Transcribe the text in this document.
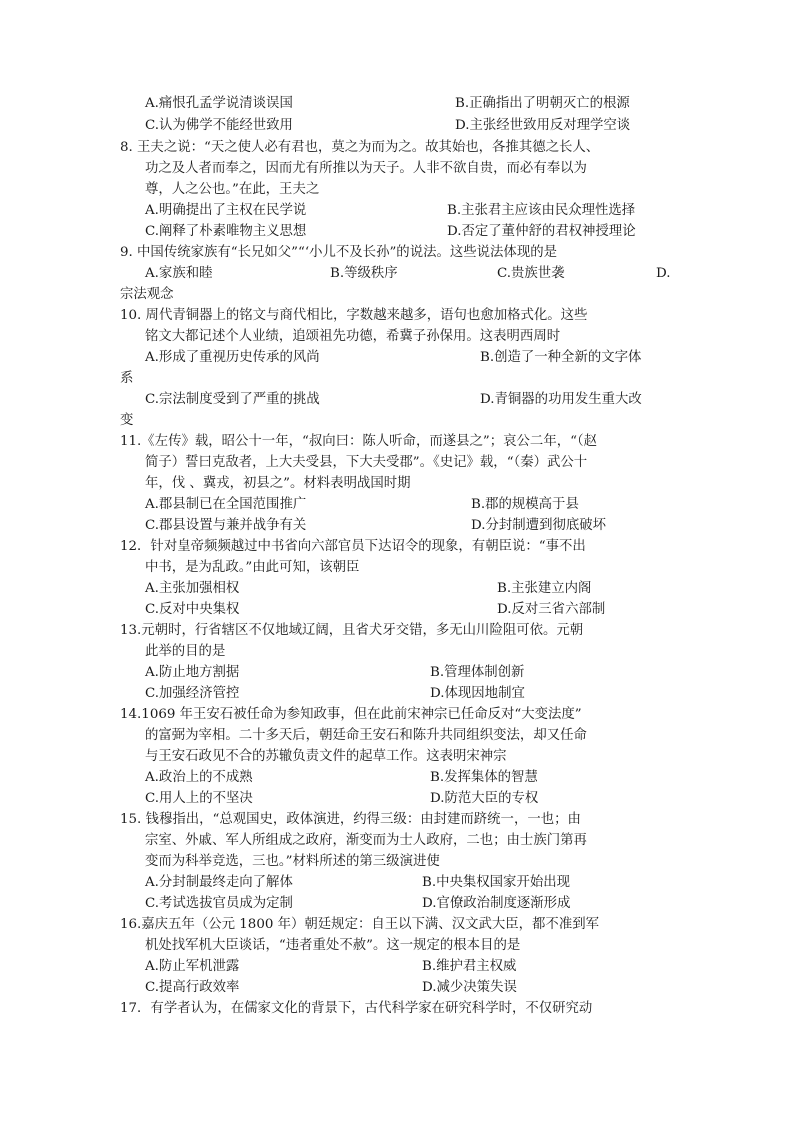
A.痛恨孔孟学说清谈误国	B.正确指出了明朝灭亡的根源
C.认为佛学不能经世致用	D.主张经世致用反对理学空谈
8. 王夫之说：“天之使人必有君也，莫之为而为之。故其始也，各推其德之长人、
功之及人者而奉之，因而尤有所推以为天子。人非不欲自贵，而必有奉以为
尊，人之公也。”在此，王夫之
A.明确提出了主权在民学说	B.主张君主应该由民众理性选择
C.阐释了朴素唯物主义思想	D.否定了董仲舒的君权神授理论
9. 中国传统家族有“长兄如父”“‘小儿不及长孙”的说法。这些说法体现的是
A.家族和睦	B.等级秩序	C.贵族世袭	D.
宗法观念
10. 周代青铜器上的铭文与商代相比，字数越来越多，语句也愈加格式化。这些
铭文大都记述个人业绩，追颂祖先功德，希冀子孙保用。这表明西周时
A.形成了重视历史传承的风尚	B.创造了一种全新的文字体
系
C.宗法制度受到了严重的挑战	D.青铜器的功用发生重大改
变
11.《左传》载，昭公十一年，“叔向曰：陈人听命，而遂县之”；哀公二年，“（赵
简子）誓曰克敌者，上大夫受县，下大夫受郡”。《史记》载，“（秦）武公十
年，伐 、冀戎，初县之”。材料表明战国时期
A.郡县制已在全国范围推广	B.郡的规模高于县
C.郡县设置与兼并战争有关	D.分封制遭到彻底破坏
12．针对皇帝频频越过中书省向六部官员下达诏令的现象，有朝臣说：“事不出
中书，是为乱政。”由此可知，该朝臣
A.主张加强相权	B.主张建立内阁
C.反对中央集权	D.反对三省六部制
13.元朝时，行省辖区不仅地域辽阔，且省犬牙交错，多无山川险阻可依。元朝
此举的目的是
A.防止地方割据	B.管理体制创新
C.加强经济管控	D.体现因地制宜
14.1069 年王安石被任命为参知政事，但在此前宋神宗已任命反对“大变法度”
的富弼为宰相。二十多天后，朝廷命王安石和陈升共同组织变法，却又任命
与王安石政见不合的苏辙负责文件的起草工作。这表明宋神宗
A.政治上的不成熟	B.发挥集体的智慧
C.用人上的不坚决	D.防范大臣的专权
15. 钱穆指出，“总观国史，政体演进，约得三级：由封建而跻统一，一也；由
宗室、外戚、军人所组成之政府，渐变而为士人政府，二也；由士族门第再
变而为科举竞选，三也。”材料所述的第三级演进使
A.分封制最终走向了解体	B.中央集权国家开始出现
C.考试选拔官员成为定制	D.官僚政治制度逐渐形成
16.嘉庆五年（公元 1800 年）朝廷规定：自王以下满、汉文武大臣，都不准到军
机处找军机大臣谈话，“违者重处不赦”。这一规定的根本目的是
A.防止军机泄露	B.维护君主权威
C.提高行政效率	D.减少决策失误
17．有学者认为，在儒家文化的背景下，古代科学家在研究科学时，不仅研究动
